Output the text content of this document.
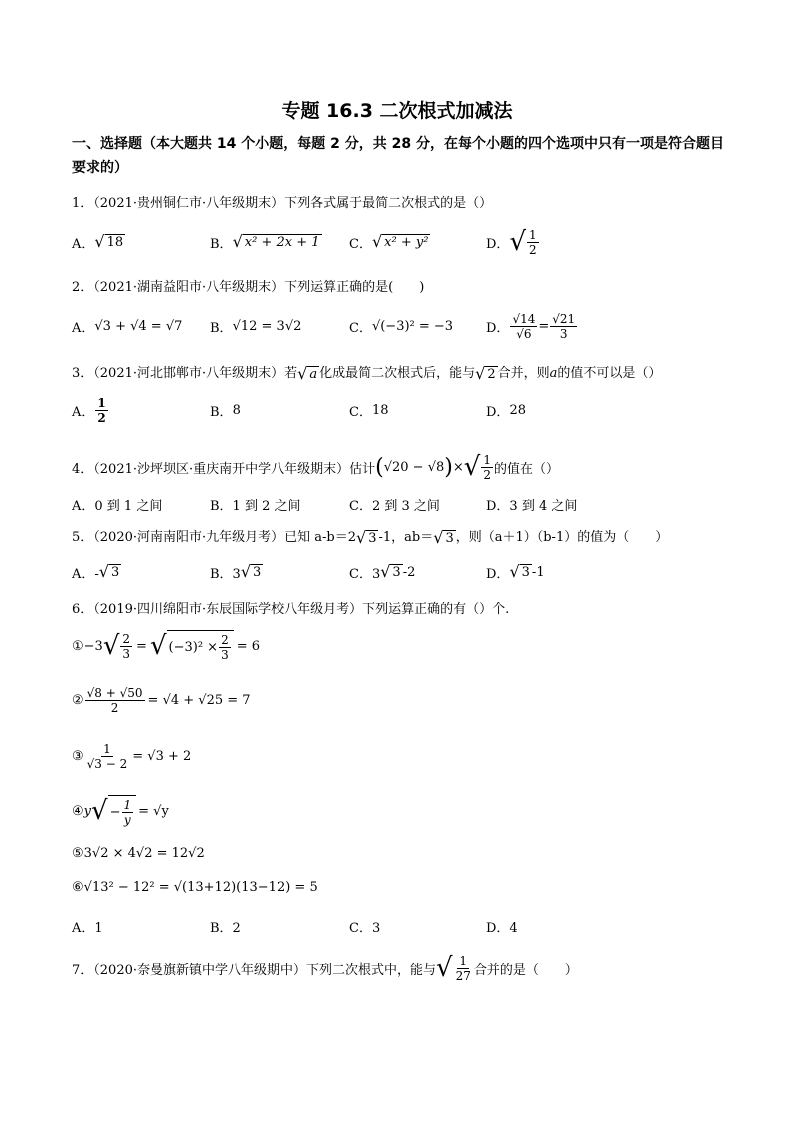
专题 16.3 二次根式加减法
一、选择题（本大题共 14 个小题，每题 2 分，共 28 分，在每个小题的四个选项中只有一项是符合题目要求的）
1．（2021·贵州铜仁市·八年级期末）下列各式属于最简二次根式的是（）
A． √ 18	B． √ x² + 2x + 1 C． √ x² + y²	D． √ $\frac{1}{2}$
2．（2021·湖南益阳市·八年级期末）下列运算正确的是(　　)
A． √3 + √4 = √7 B． √12 = 3√2	C． √(−3)² = −3	D． $\frac{√14}{√6} = \frac{√21}{3}$
3．（2021·河北邯郸市·八年级期末）若 √ a 化成最简二次根式后，能与 √ 2 合并，则a的值不可以是（）
A． $\frac{1}{2}$	B． 8	C． 18	D． 28
4．（2021·沙坪坝区·重庆南开中学八年级期末）估计 ( √20 − √8 ) × √ $\frac{1}{2}$ 的值在（）
A．0 到 1 之间	B．1 到 2 之间	C．2 到 3 之间	D．3 到 4 之间
5．（2020·河南南阳市·九年级月考）已知 a-b＝2 √ 3 -1，ab＝ √ 3 ，则（a＋1）（b-1）的值为（　　）
A．- √ 3	B．3 √ 3	C．3 √ 3 -2	D． √ 3 -1
6．（2019·四川绵阳市·东辰国际学校八年级月考）下列运算正确的有（）个.
① −3 √ $\frac{2}{3}$ = √ $(-3)^2 \times \frac{2}{3} = 6$
② $\frac{√8 + √50}{2} = √4 + √25 = 7$
③ $\frac{1}{√3 - 2} = √3 + 2$
④ y √ − $\frac{1}{y} = √y$
⑤3√2 × 4√2 = 12√2
⑥√13² − 12² = √(13+12)(13−12) = 5
A．1	B．2	C．3	D．4
7．（2020·奈曼旗新镇中学八年级期中）下列二次根式中，能与 √ $\frac{1}{27}$ 合并的是（　　）
